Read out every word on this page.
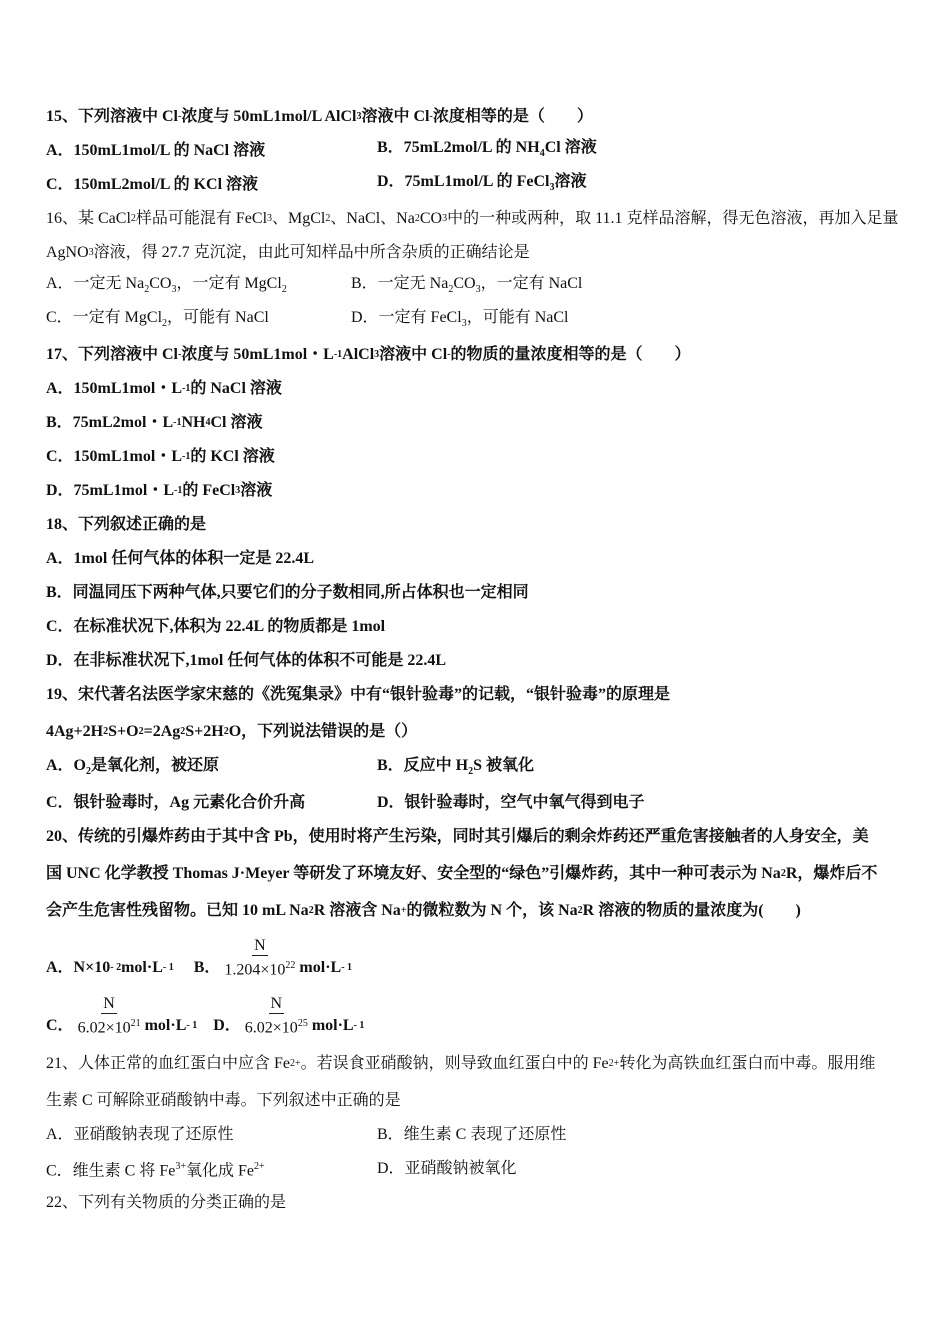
15、下列溶液中 Cl - 浓度与 50mL1mol/L AlCl 3 溶液中 Cl - 浓度相等的是（　　）
A．150mL1mol/L 的 NaCl 溶液	B．75mL2mol/L 的 $NH_4Cl$ 溶液
C．150mL2mol/L 的 KCl 溶液	D．75mL1mol/L 的 FeCl$_3$溶液
16、某 CaCl 2 样品可能混有 FeCl 3 、MgCl 2 、NaCl、Na 2 CO 3 中的一种或两种，取 11.1 克样品溶解，得无色溶液，再加入足量
AgNO 3 溶液，得 27.7 克沉淀，由此可知样品中所含杂质的正确结论是
A．一定无 $Na_2CO_3$，一定有 MgCl$_2$	B．一定无 $Na_2CO_3$，一定有 NaCl
C．一定有 MgCl$_2$，可能有 NaCl	D．一定有 FeCl$_3$，可能有 NaCl
17、下列溶液中 Cl - 浓度与 50mL1mol・L -1 AlCl 3 溶液中 Cl - 的物质的量浓度相等的是（　　）
A．150mL1mol・L -1 的 NaCl 溶液
B．75mL2mol・L -1 NH 4 Cl 溶液
C．150mL1mol・L -1 的 KCl 溶液
D．75mL1mol・L -1 的 FeCl 3 溶液
18、下列叙述正确的是
A．1mol 任何气体的体积一定是 22.4L
B．同温同压下两种气体,只要它们的分子数相同,所占体积也一定相同
C．在标准状况下,体积为 22.4L 的物质都是 1mol
D．在非标准状况下,1mol 任何气体的体积不可能是 22.4L
19、宋代著名法医学家宋慈的《洗冤集录》中有“银针验毒”的记载，“银针验毒”的原理是
4Ag+2H 2 S+O 2 =2Ag 2 S+2H 2 O，下列说法错误的是（）
A．$O_2$是氧化剂，被还原	B．反应中 $H_2S$ 被氧化
C．银针验毒时，Ag 元素化合价升高	D．银针验毒时，空气中氧气得到电子
20、传统的引爆炸药由于其中含 Pb，使用时将产生污染，同时其引爆后的剩余炸药还严重危害接触者的人身安全，美
国 UNC 化学教授 Thomas J·Meyer 等研发了环境友好、安全型的“绿色”引爆炸药，其中一种可表示为 Na 2 R，爆炸后不
会产生危害性残留物。已知 10 mL Na 2 R 溶液含 Na + 的微粒数为 N 个，该 Na 2 R 溶液的物质的量浓度为(　　)
A．N×10 - 2 mol·L - 1 　 B． $\frac{N}{1.204\times 10^{22}} mol\cdot L - 1$
C． $\frac{N}{6.02\times 10^{21}} mol\cdot L - 1$ 　D． $\frac{N}{6.02\times 10^{25}} mol\cdot L - 1$
21、人体正常的血红蛋白中应含 Fe 2+ 。若误食亚硝酸钠，则导致血红蛋白中的 Fe 2+ 转化为高铁血红蛋白而中毒。服用维
生素 C 可解除亚硝酸钠中毒。下列叙述中正确的是
A．亚硝酸钠表现了还原性	B．维生素 C 表现了还原性
C．维生素 C 将 $Fe^{3+}$氧化成 $Fe^{2+}$	D．亚硝酸钠被氧化
22、下列有关物质的分类正确的是
